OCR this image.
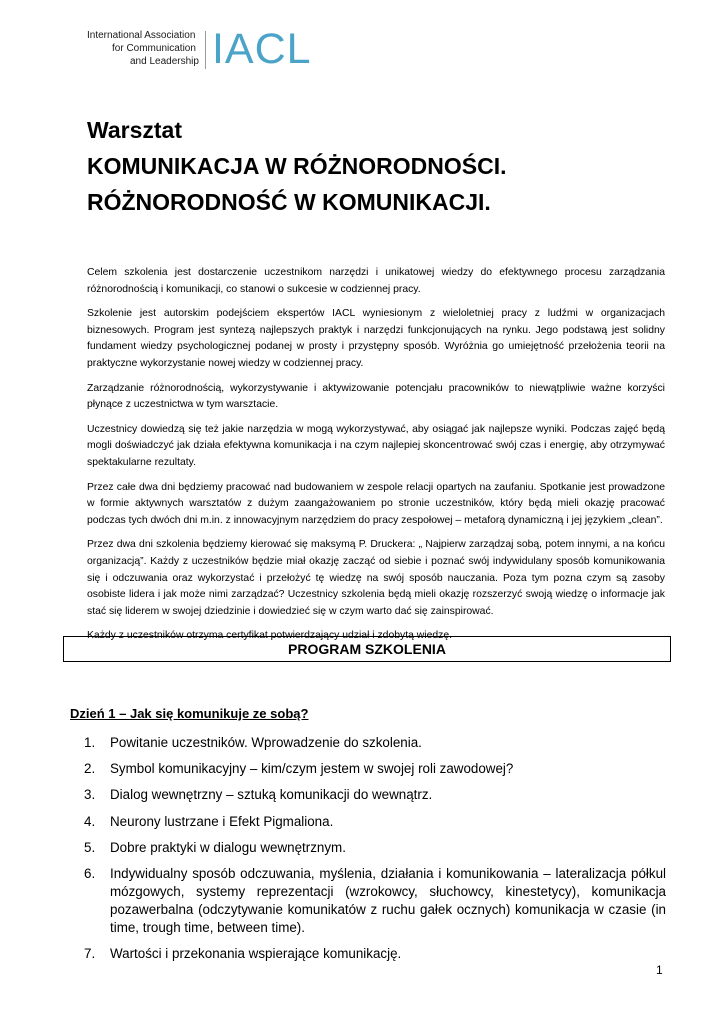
International Association
for Communication
and Leadership IACL
Warsztat
KOMUNIKACJA W RÓŻNORODNOŚCI.
RÓŻNORODNOŚĆ W KOMUNIKACJI.

Celem szkolenia jest dostarczenie uczestnikom narzędzi i unikatowej wiedzy do efektywnego procesu zarządzania różnorodnością i komunikacji, co stanowi o sukcesie w codziennej pracy.

Szkolenie jest autorskim podejściem ekspertów IACL wyniesionym z wieloletniej pracy z ludźmi w organizacjach biznesowych. Program jest syntezą najlepszych praktyk i narzędzi funkcjonujących na rynku. Jego podstawą jest solidny fundament wiedzy psychologicznej podanej w prosty i przystępny sposób. Wyróżnia go umiejętność przełożenia teorii na praktyczne wykorzystanie nowej wiedzy w codziennej pracy.

Zarządzanie różnorodnością, wykorzystywanie i aktywizowanie potencjału pracowników to niewątpliwie ważne korzyści płynące z uczestnictwa w tym warsztacie.

Uczestnicy dowiedzą się też jakie narzędzia w mogą wykorzystywać, aby osiągać jak najlepsze wyniki. Podczas zajęć będą mogli doświadczyć jak działa efektywna komunikacja i na czym najlepiej skoncentrować swój czas i energię, aby otrzymywać spektakularne rezultaty.

Przez całe dwa dni będziemy pracować nad budowaniem w zespole relacji opartych na zaufaniu. Spotkanie jest prowadzone w formie aktywnych warsztatów z dużym zaangażowaniem po stronie uczestników, który będą mieli okazję pracować podczas tych dwóch dni m.in. z innowacyjnym narzędziem do pracy zespołowej – metaforą dynamiczną i jej językiem „clean”.

Przez dwa dni szkolenia będziemy kierować się maksymą P. Druckera: „ Najpierw zarządzaj sobą, potem innymi, a na końcu organizacją”. Każdy z uczestników będzie miał okazję zacząć od siebie i poznać swój indywidulany sposób komunikowania się i odczuwania oraz wykorzystać i przełożyć tę wiedzę na swój sposób nauczania. Poza tym pozna czym są zasoby osobiste lidera i jak może nimi zarządzać? Uczestnicy szkolenia będą mieli okazję rozszerzyć swoją wiedzę o informacje jak stać się liderem w swojej dziedzinie i dowiedzieć się w czym warto dać się zainspirować.

Każdy z uczestników otrzyma certyfikat potwierdzający udział i zdobytą wiedzę.

PROGRAM SZKOLENIA
Dzień 1 – Jak się komunikuje ze sobą?
1.	Powitanie uczestników. Wprowadzenie do szkolenia.
2.	Symbol komunikacyjny – kim/czym jestem w swojej roli zawodowej?
3.	Dialog wewnętrzny – sztuką komunikacji do wewnątrz.
4.	Neurony lustrzane i Efekt Pigmaliona.
5.	Dobre praktyki w dialogu wewnętrznym.
6.	Indywidualny sposób odczuwania, myślenia, działania i komunikowania – lateralizacja półkul mózgowych, systemy reprezentacji (wzrokowcy, słuchowcy, kinestetycy), komunikacja pozawerbalna (odczytywanie komunikatów z ruchu gałek ocznych) komunikacja w czasie (in time, trough time, between time).
7.	Wartości i przekonania wspierające komunikację.
1
